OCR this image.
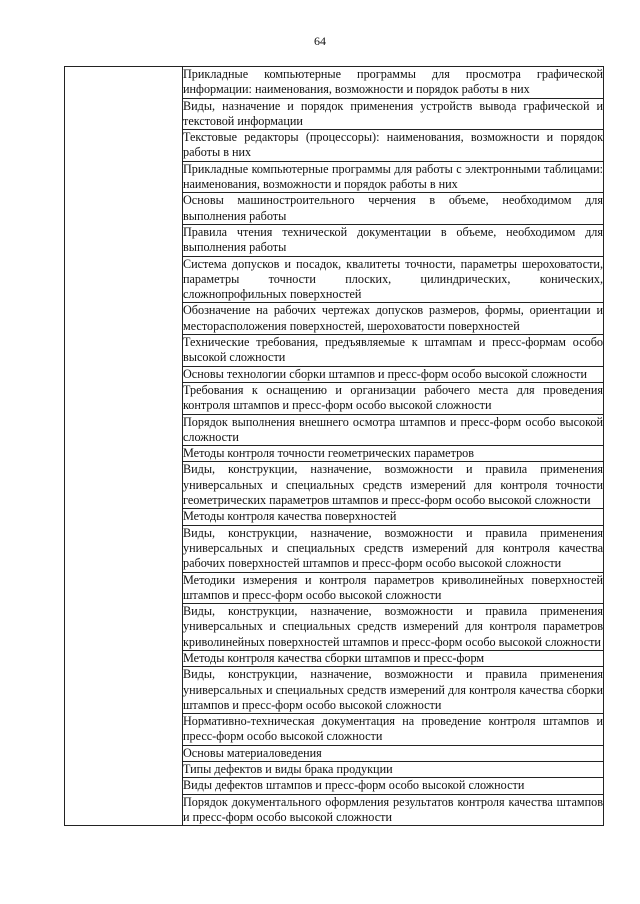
64
	Прикладные компьютерные программы для просмотра графической информации: наименования, возможности и порядок работы в них
Виды, назначение и порядок применения устройств вывода графической и текстовой информации
Текстовые редакторы (процессоры): наименования, возможности и порядок работы в них
Прикладные компьютерные программы для работы с электронными таблицами: наименования, возможности и порядок работы в них
Основы машиностроительного черчения в объеме, необходимом для выполнения работы
Правила чтения технической документации в объеме, необходимом для выполнения работы
Система допусков и посадок, квалитеты точности, параметры шероховатости, параметры точности плоских, цилиндрических, конических, сложнопрофильных поверхностей
Обозначение на рабочих чертежах допусков размеров, формы, ориентации и месторасположения поверхностей, шероховатости поверхностей
Технические требования, предъявляемые к штампам и пресс-формам особо высокой сложности
Основы технологии сборки штампов и пресс-форм особо высокой сложности
Требования к оснащению и организации рабочего места для проведения контроля штампов и пресс-форм особо высокой сложности
Порядок выполнения внешнего осмотра штампов и пресс-форм особо высокой сложности
Методы контроля точности геометрических параметров
Виды, конструкции, назначение, возможности и правила применения универсальных и специальных средств измерений для контроля точности геометрических параметров штампов и пресс-форм особо высокой сложности
Методы контроля качества поверхностей
Виды, конструкции, назначение, возможности и правила применения универсальных и специальных средств измерений для контроля качества рабочих поверхностей штампов и пресс-форм особо высокой сложности
Методики измерения и контроля параметров криволинейных поверхностей штампов и пресс-форм особо высокой сложности
Виды, конструкции, назначение, возможности и правила применения универсальных и специальных средств измерений для контроля параметров криволинейных поверхностей штампов и пресс-форм особо высокой сложности
Методы контроля качества сборки штампов и пресс-форм
Виды, конструкции, назначение, возможности и правила применения универсальных и специальных средств измерений для контроля качества сборки штампов и пресс-форм особо высокой сложности
Нормативно-техническая документация на проведение контроля штампов и пресс-форм особо высокой сложности
Основы материаловедения
Типы дефектов и виды брака продукции
Виды дефектов штампов и пресс-форм особо высокой сложности
Порядок документального оформления результатов контроля качества штампов и пресс-форм особо высокой сложности
